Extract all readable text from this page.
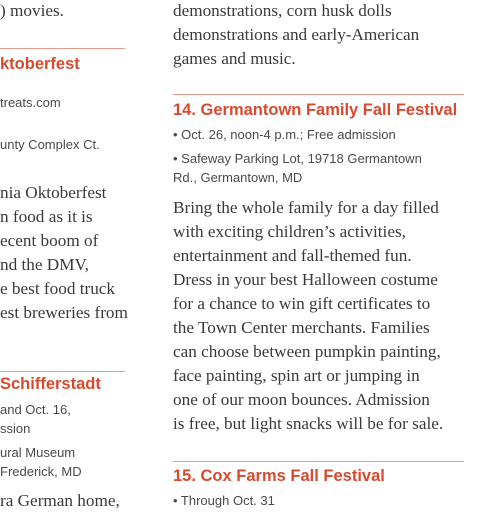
) movies.
ktoberfest
treats.com
unty Complex Ct.
nia Oktoberfest
n food as it is
ecent boom of
nd the DMV,
e best food truck
est breweries from
Schifferstadt
and Oct. 16,
ssion
ural Museum
Frederick, MD
ra German home,
demonstrations, corn husk dolls
demonstrations and early-American
games and music.
14. Germantown Family Fall Festival
• Oct. 26, noon-4 p.m.; Free admission
• Safeway Parking Lot, 19718 Germantown
Rd., Germantown, MD
Bring the whole family for a day filled
with exciting children’s activities,
entertainment and fall-themed fun.
Dress in your best Halloween costume
for a chance to win gift certificates to
the Town Center merchants. Families
can choose between pumpkin painting,
face painting, spin art or jumping in
one of our moon bounces. Admission
is free, but light snacks will be for sale.
15. Cox Farms Fall Festival
• Through Oct. 31
